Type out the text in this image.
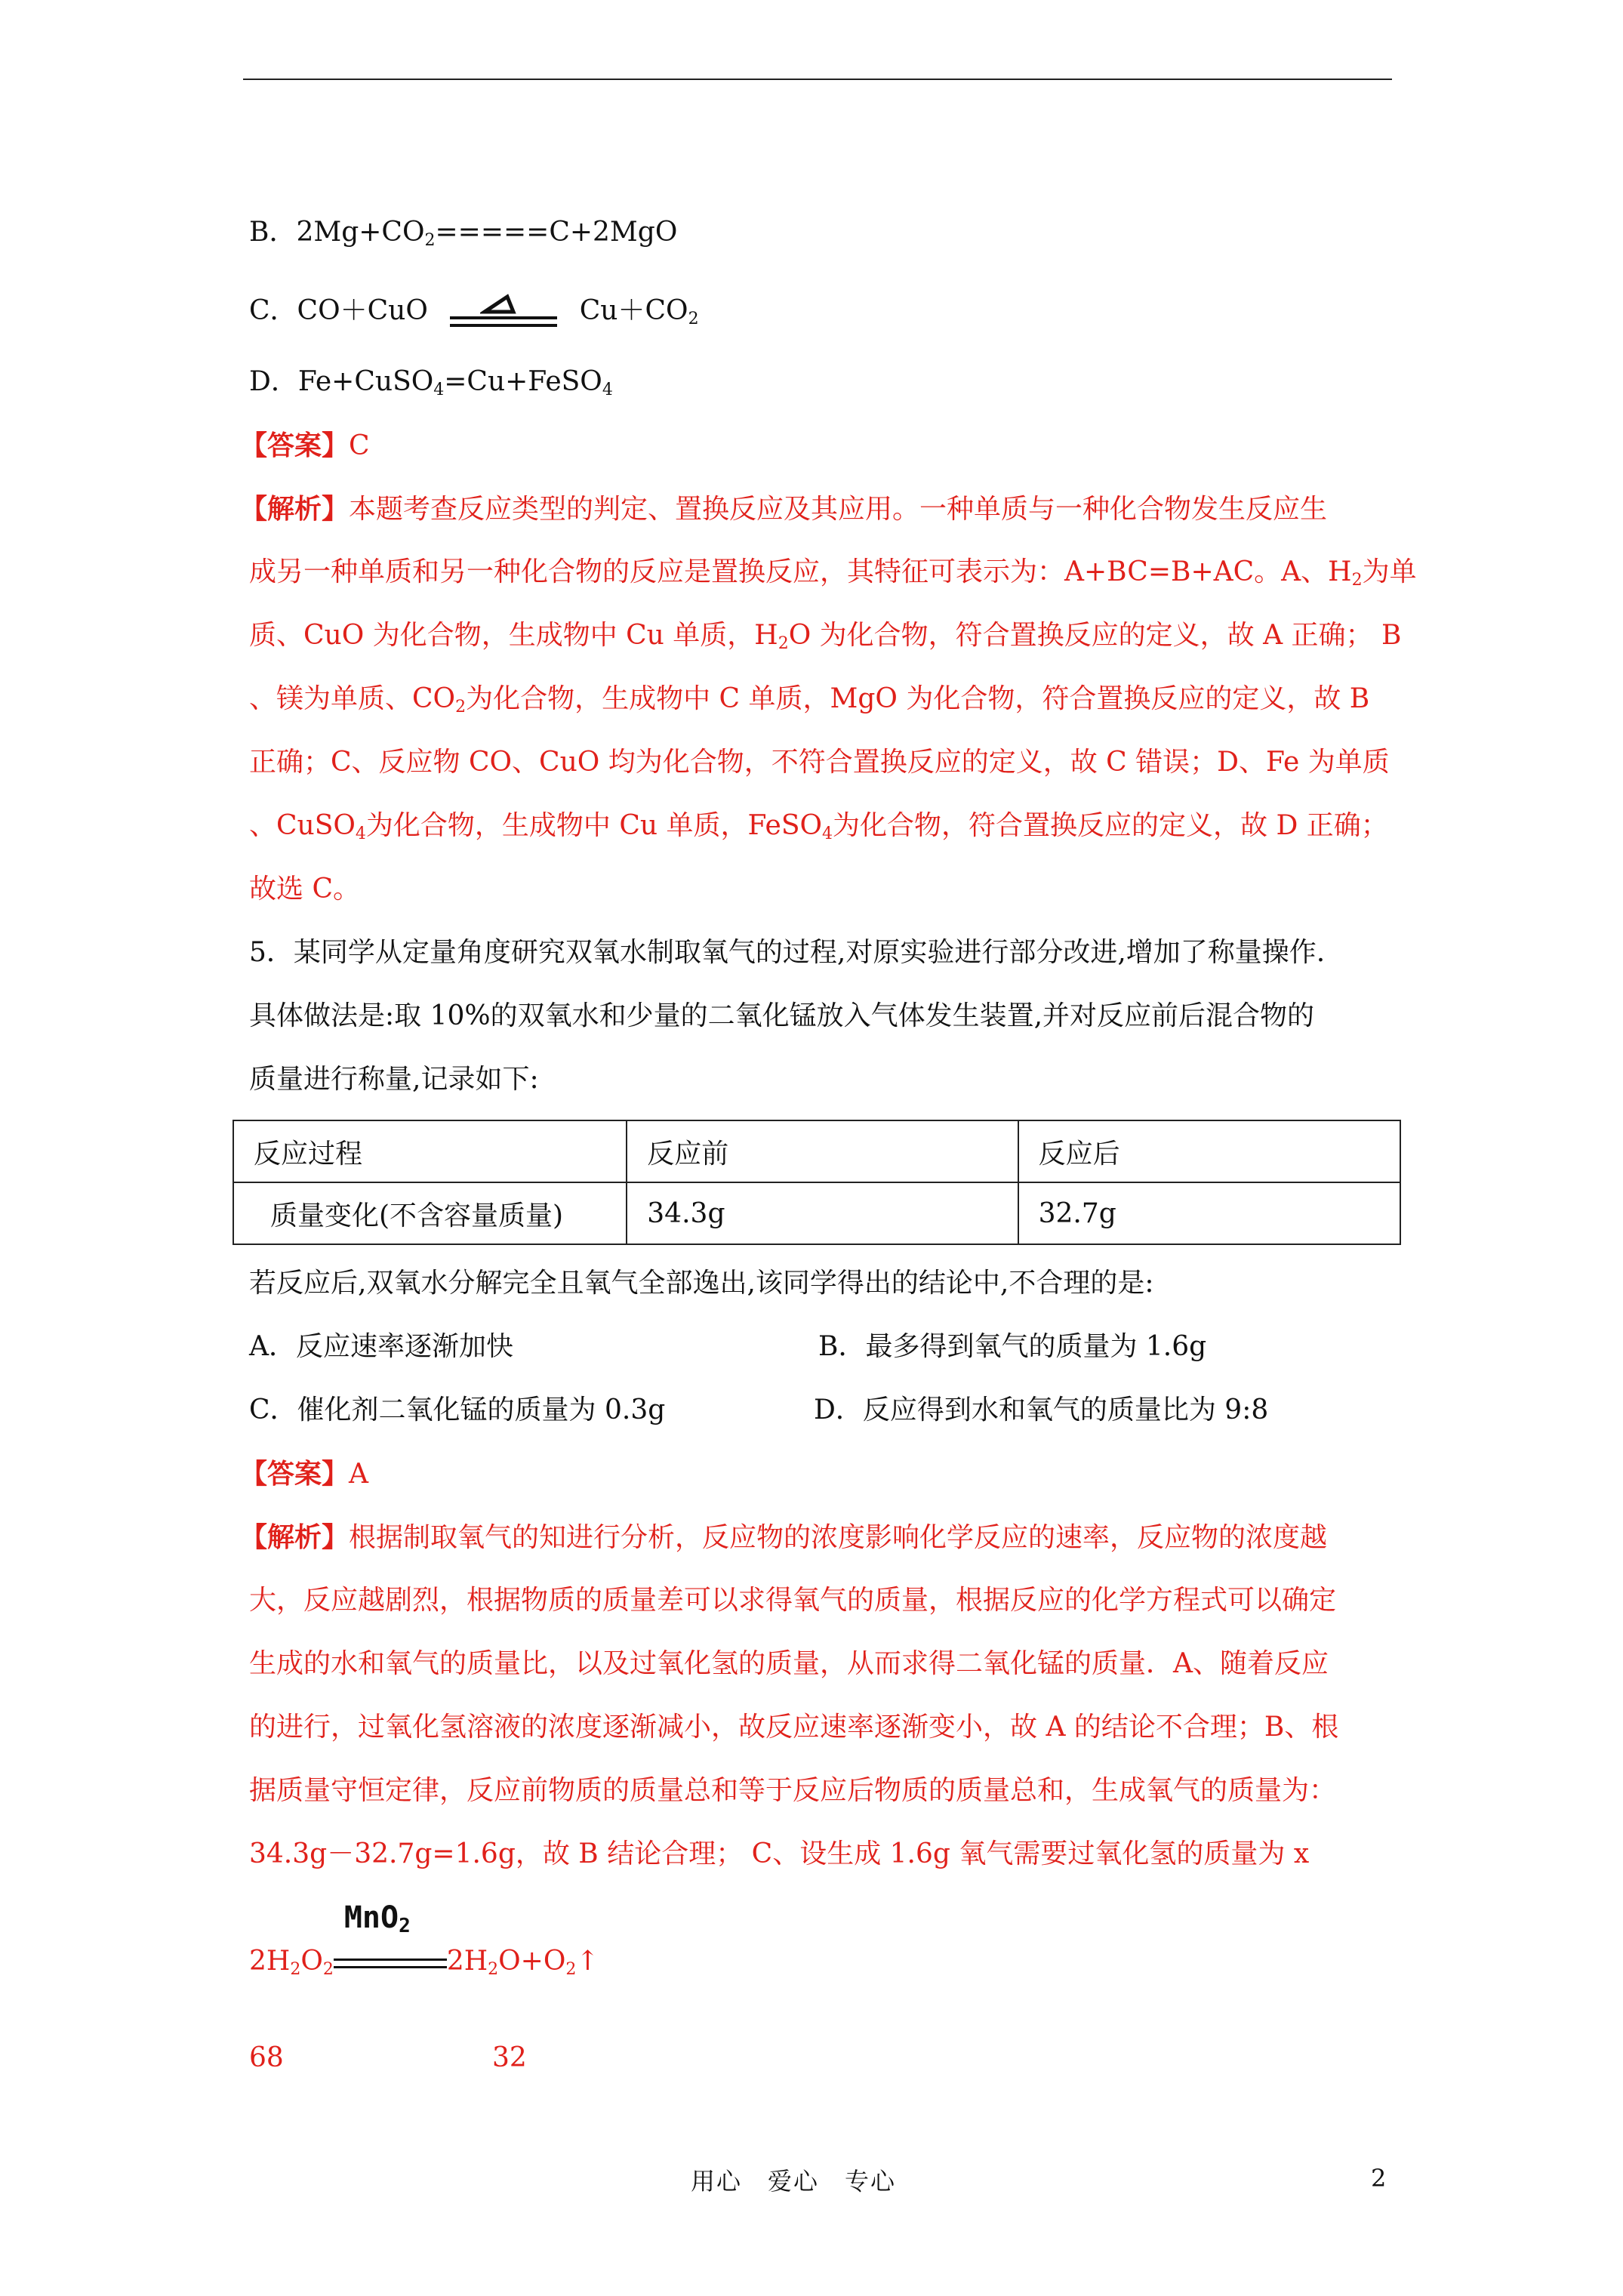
B．$2Mg+CO_2=====C+2MgO$
C．CO＋CuO	$Cu+CO_2$
D．Fe+CuSO$_4$=Cu+FeSO$_4$
【答案】C
【解析】本题考查反应类型的判定、置换反应及其应用。一种单质与一种化合物发生反应生
成另一种单质和另一种化合物的反应是置换反应，其特征可表示为：A+BC=B+AC。A、$H_2$为单
质、CuO 为化合物，生成物中 Cu 单质，$H_2O$ 为化合物，符合置换反应的定义，故 A 正确； B
、镁为单质、$CO_2$为化合物，生成物中 C 单质，MgO 为化合物，符合置换反应的定义，故 B
正确；C、反应物 CO、CuO 均为化合物，不符合置换反应的定义，故 C 错误；D、Fe 为单质
、CuSO$_4$为化合物，生成物中 Cu 单质，FeSO$_4$为化合物，符合置换反应的定义，故 D 正确；
故选 C。
5．某同学从定量角度研究双氧水制取氧气的过程,对原实验进行部分改进,增加了称量操作.
具体做法是:取 10%的双氧水和少量的二氧化锰放入气体发生装置,并对反应前后混合物的
质量进行称量,记录如下:
反应过程	反应前	反应后
质量变化(不含容量质量)	34.3g	32.7g
若反应后,双氧水分解完全且氧气全部逸出,该同学得出的结论中,不合理的是:
A．反应速率逐渐加快	B．最多得到氧气的质量为 1.6g
C．催化剂二氧化锰的质量为 0.3g	D．反应得到水和氧气的质量比为 9:8
【答案】A
【解析】根据制取氧气的知进行分析，反应物的浓度影响化学反应的速率，反应物的浓度越
大，反应越剧烈，根据物质的质量差可以求得氧气的质量，根据反应的化学方程式可以确定
生成的水和氧气的质量比，以及过氧化氢的质量，从而求得二氧化锰的质量．A、随着反应
的进行，过氧化氢溶液的浓度逐渐减小，故反应速率逐渐变小，故 A 的结论不合理；B、根
据质量守恒定律，反应前物质的质量总和等于反应后物质的质量总和，生成氧气的质量为：
34.3g－32.7g=1.6g，故 B 结论合理； C、设生成 1.6g 氧气需要过氧化氢的质量为 x
$2H_2O_2$
MnO$_2$
$2H_2O+O_2↑$
68	32
用心　爱心　专心	2
